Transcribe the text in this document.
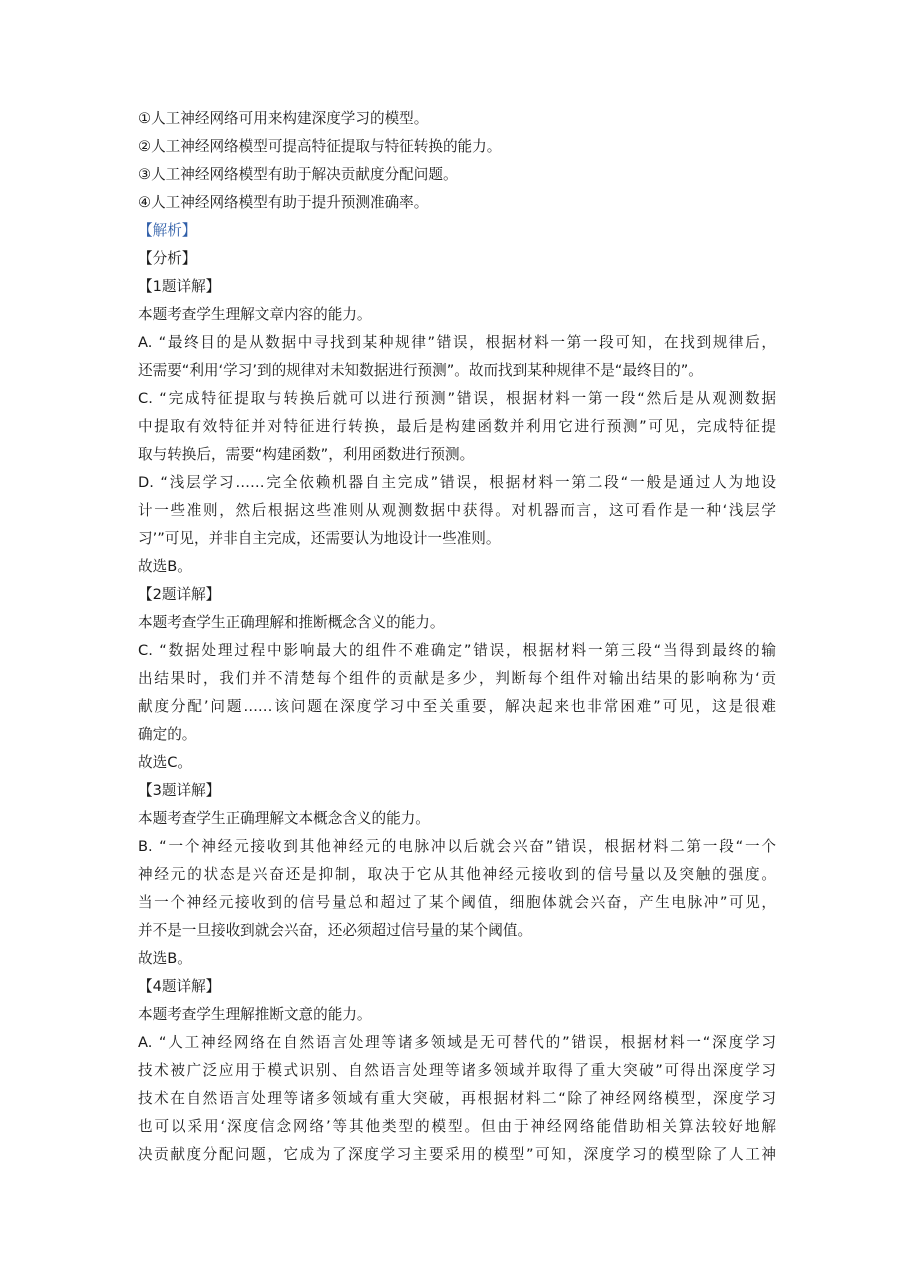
①人工神经网络可用来构建深度学习的模型。
②人工神经网络模型可提高特征提取与特征转换的能力。
③人工神经网络模型有助于解决贡献度分配问题。
④人工神经网络模型有助于提升预测准确率。
【解析】
【分析】
【1题详解】
本题考查学生理解文章内容的能力。
A. “最终目的是从数据中寻找到某种规律”错误，根据材料一第一段可知，在找到规律后，
还需要“利用‘学习’到的规律对未知数据进行预测”。故而找到某种规律不是“最终目的”。
C. “完成特征提取与转换后就可以进行预测”错误，根据材料一第一段“然后是从观测数据
中提取有效特征并对特征进行转换，最后是构建函数并利用它进行预测”可见，完成特征提
取与转换后，需要“构建函数”，利用函数进行预测。
D. “浅层学习……完全依赖机器自主完成”错误，根据材料一第二段“一般是通过人为地设
计一些准则，然后根据这些准则从观测数据中获得。对机器而言，这可看作是一种‘浅层学
习’”可见，并非自主完成，还需要认为地设计一些准则。
故选B。
【2题详解】
本题考查学生正确理解和推断概念含义的能力。
C. “数据处理过程中影响最大的组件不难确定”错误，根据材料一第三段“当得到最终的输
出结果时，我们并不清楚每个组件的贡献是多少，判断每个组件对输出结果的影响称为‘贡
献度分配’问题……该问题在深度学习中至关重要，解决起来也非常困难”可见，这是很难
确定的。
故选C。
【3题详解】
本题考查学生正确理解文本概念含义的能力。
B. “一个神经元接收到其他神经元的电脉冲以后就会兴奋”错误，根据材料二第一段“一个
神经元的状态是兴奋还是抑制，取决于它从其他神经元接收到的信号量以及突触的强度。
当一个神经元接收到的信号量总和超过了某个阈值，细胞体就会兴奋，产生电脉冲”可见，
并不是一旦接收到就会兴奋，还必须超过信号量的某个阈值。
故选B。
【4题详解】
本题考查学生理解推断文意的能力。
A. “人工神经网络在自然语言处理等诸多领域是无可替代的”错误，根据材料一“深度学习
技术被广泛应用于模式识别、自然语言处理等诸多领域并取得了重大突破”可得出深度学习
技术在自然语言处理等诸多领域有重大突破，再根据材料二“除了神经网络模型，深度学习
也可以采用‘深度信念网络’等其他类型的模型。但由于神经网络能借助相关算法较好地解
决贡献度分配问题，它成为了深度学习主要采用的模型”可知，深度学习的模型除了人工神
